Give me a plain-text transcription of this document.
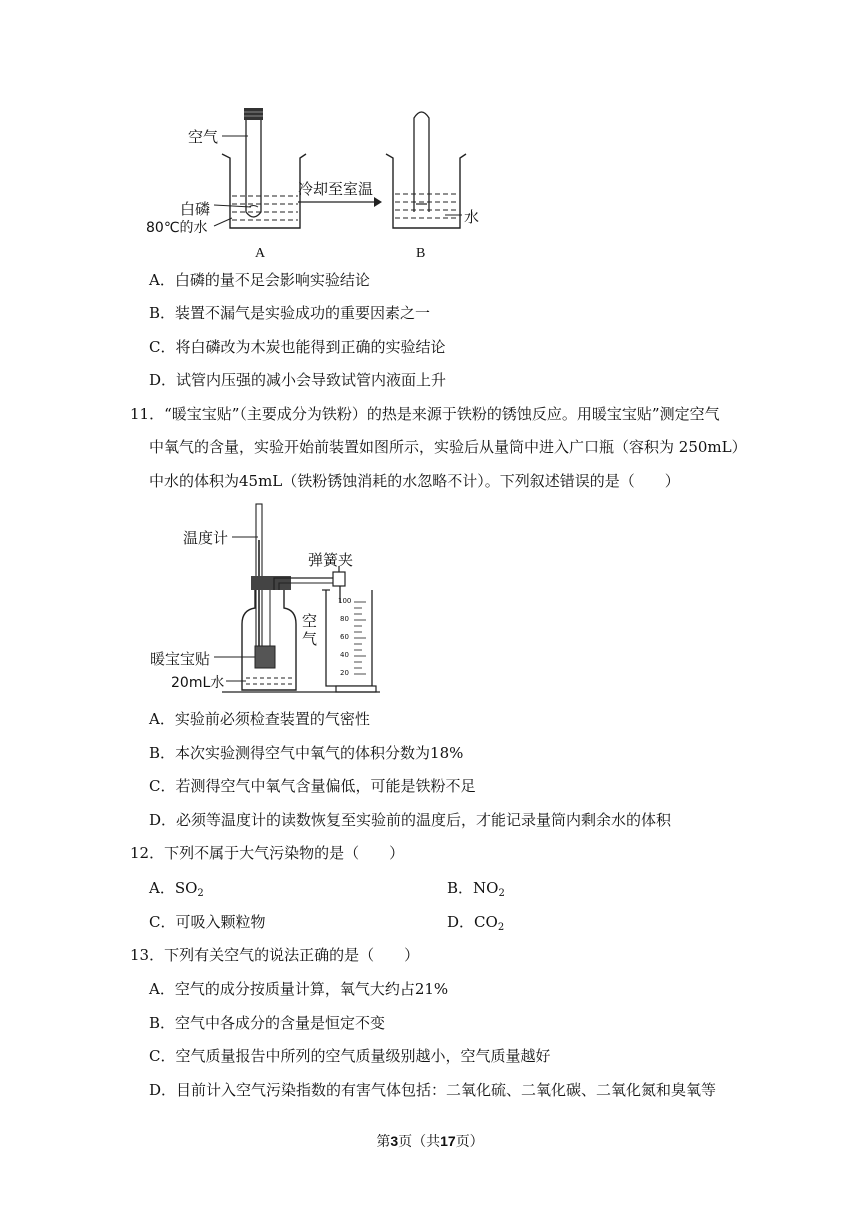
空气
白磷
80℃的水
冷却至室温
水
A	B
A．白磷的量不足会影响实验结论
B．装置不漏气是实验成功的重要因素之一
C．将白磷改为木炭也能得到正确的实验结论
D．试管内压强的减小会导致试管内液面上升
11．“暖宝宝贴”（主要成分为铁粉）的热是来源于铁粉的锈蚀反应。用暖宝宝贴”测定空气
中氧气的含量，实验开始前装置如图所示，实验后从量筒中进入广口瓶（容积为 250mL）
中水的体积为45mL（铁粉锈蚀消耗的水忽略不计）。下列叙述错误的是（　　）
温度计
弹簧夹
空气
暖宝宝贴
20mL水
100
80
60
40
20
A．实验前必须检查装置的气密性
B．本次实验测得空气中氧气的体积分数为18%
C．若测得空气中氧气含量偏低，可能是铁粉不足
D．必须等温度计的读数恢复至实验前的温度后，才能记录量筒内剩余水的体积
12．下列不属于大气污染物的是（　　）
A．$SO_2$	B．$NO_2$
C．可吸入颗粒物	D．$CO_2$
13．下列有关空气的说法正确的是（　　）
A．空气的成分按质量计算，氧气大约占21%
B．空气中各成分的含量是恒定不变
C．空气质量报告中所列的空气质量级别越小，空气质量越好
D．目前计入空气污染指数的有害气体包括：二氧化硫、二氧化碳、二氧化氮和臭氧等
第3页（共17页）
